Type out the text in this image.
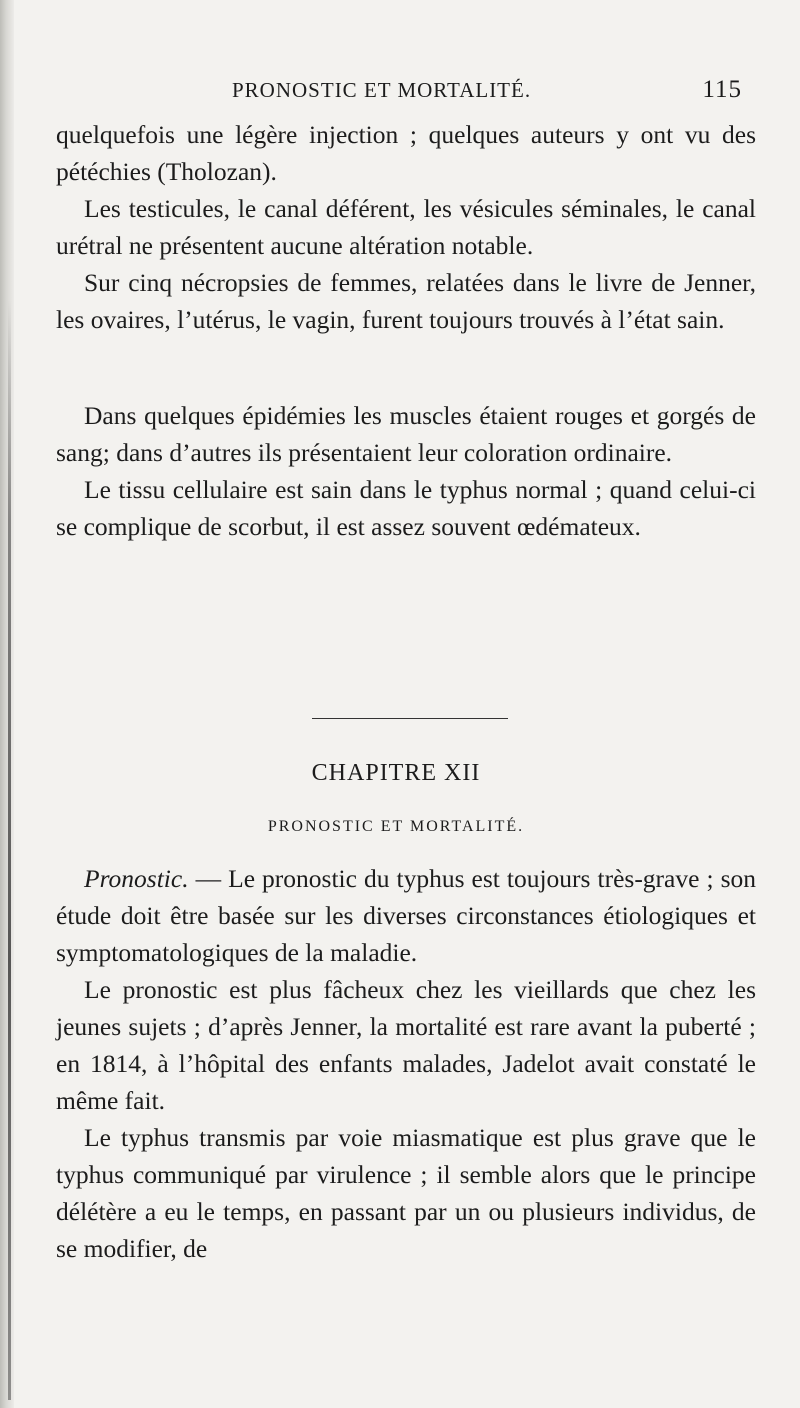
PRONOSTIC ET MORTALITÉ.	115

quelquefois une légère injection ; quelques auteurs y ont vu des pétéchies (Tholozan).

Les testicules, le canal déférent, les vésicules séminales, le canal urétral ne présentent aucune altération notable.

Sur cinq nécropsies de femmes, relatées dans le livre de Jenner, les ovaires, l’utérus, le vagin, furent toujours trouvés à l’état sain.

Dans quelques épidémies les muscles étaient rouges et gorgés de sang; dans d’autres ils présentaient leur coloration ordinaire.

Le tissu cellulaire est sain dans le typhus normal ; quand celui-ci se complique de scorbut, il est assez souvent œdémateux.

CHAPITRE XII
PRONOSTIC ET MORTALITÉ.

Pronostic. — Le pronostic du typhus est toujours très-grave ; son étude doit être basée sur les diverses circonstances étiologiques et symptomatologiques de la maladie.

Le pronostic est plus fâcheux chez les vieillards que chez les jeunes sujets ; d’après Jenner, la mortalité est rare avant la puberté ; en 1814, à l’hôpital des enfants malades, Jadelot avait constaté le même fait.

Le typhus transmis par voie miasmatique est plus grave que le typhus communiqué par virulence ; il semble alors que le principe délétère a eu le temps, en passant par un ou plusieurs individus, de se modifier, de
